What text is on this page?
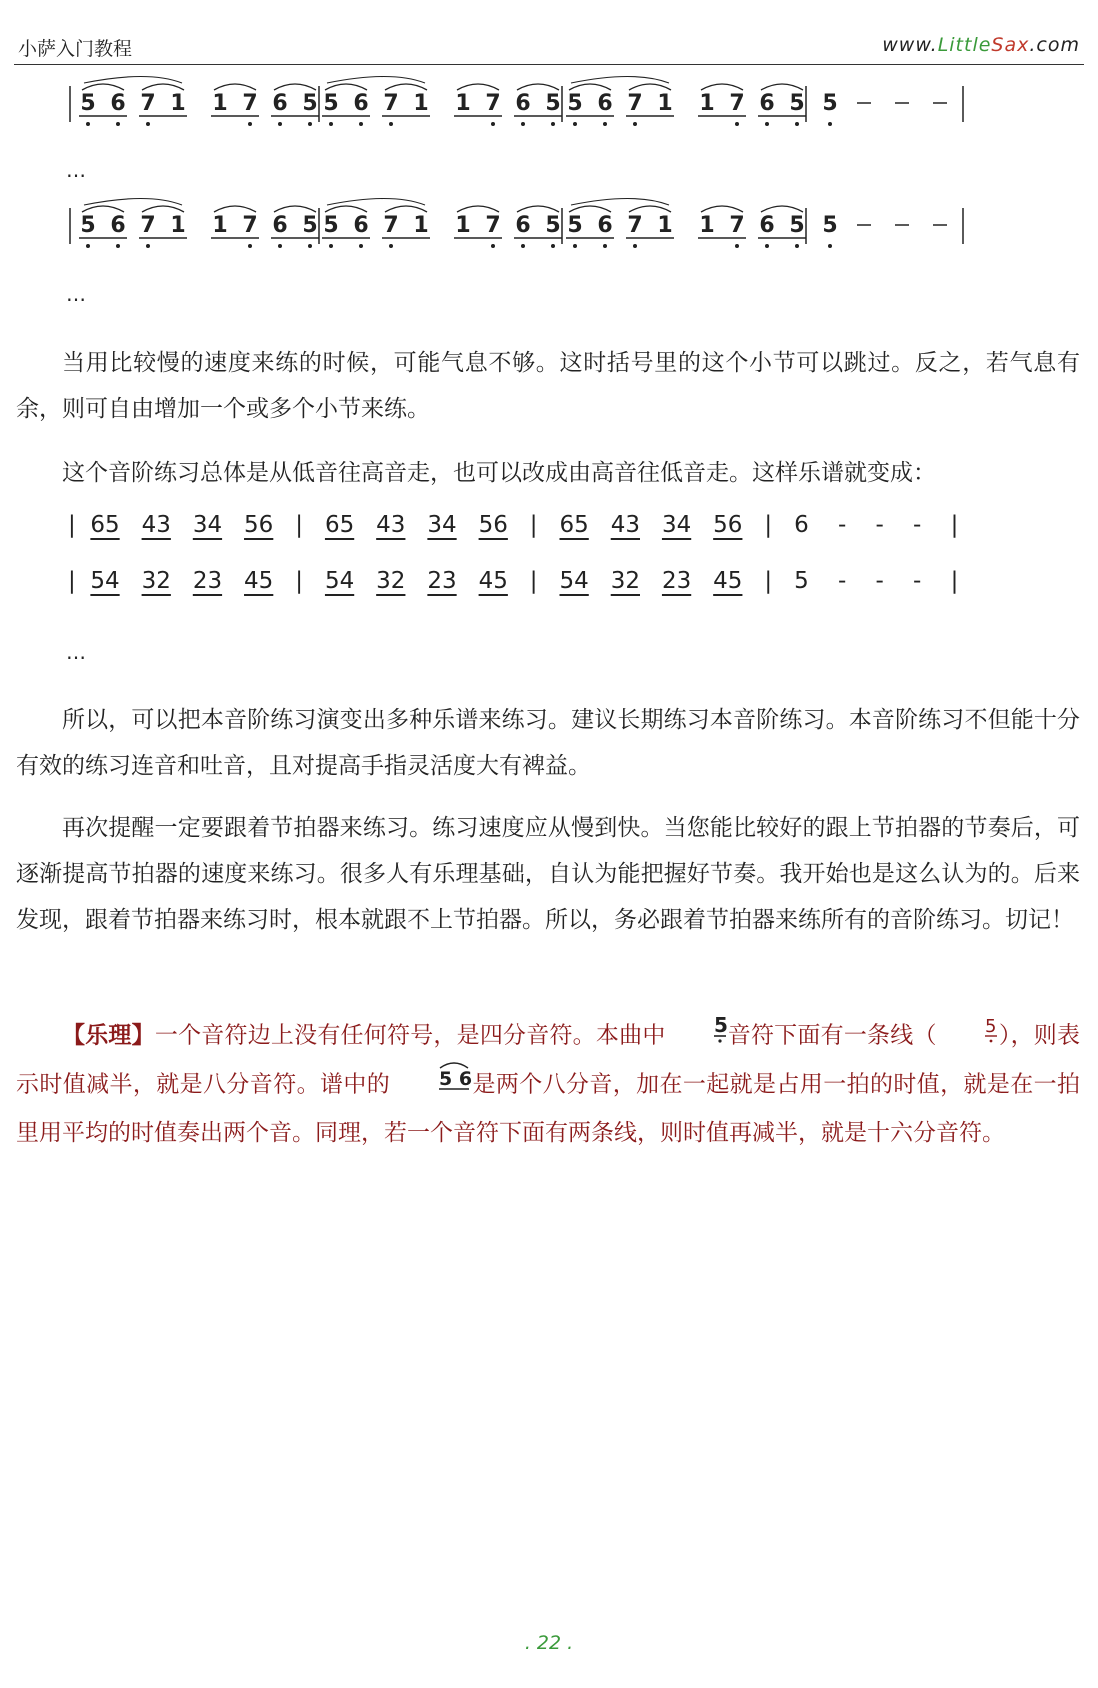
小萨入门教程	www.LittleSax.com
5 6 7 1 1 7 6 5 5 6 7 1 1 7 6 5 5 6 7 1 1 7 6 5 5
5 6 7 1 1 7 6 5 5 6 7 1 1 7 6 5 5 6 7 1 1 7 6 5 5
…
…
当用比较慢的速度来练的时候，可能气息不够。这时括号里的这个小节可以跳过。反之，若气息有余，则可自由增加一个或多个小节来练。
这个音阶练习总体是从低音往高音走，也可以改成由高音往低音走。这样乐谱就变成：
|  65 43 34 56   |   65 43 34 56   |   65 43 34 56   |   6    -    -    -    |
|  54 32 23 45   |   54 32 23 45   |   54 32 23 45   |   5    -    -    -    |
…
所以，可以把本音阶练习演变出多种乐谱来练习。建议长期练习本音阶练习。本音阶练习不但能十分有效的练习连音和吐音，且对提高手指灵活度大有裨益。
再次提醒一定要跟着节拍器来练习。练习速度应从慢到快。当您能比较好的跟上节拍器的节奏后，可逐渐提高节拍器的速度来练习。很多人有乐理基础，自认为能把握好节奏。我开始也是这么认为的。后来发现，跟着节拍器来练习时，根本就跟不上节拍器。所以，务必跟着节拍器来练所有的音阶练习。切记！
【乐理】一个音符边上没有任何符号，是四分音符。本曲中 5 音符下面有一条线（	5 ），则表示时值减半，就是八分音符。谱中的	5 6 是两个八分音，加在一起就是占用一拍的时值，就是在一拍里用平均的时值奏出两个音。同理，若一个音符下面有两条线，则时值再减半，就是十六分音符。
. 22 .
